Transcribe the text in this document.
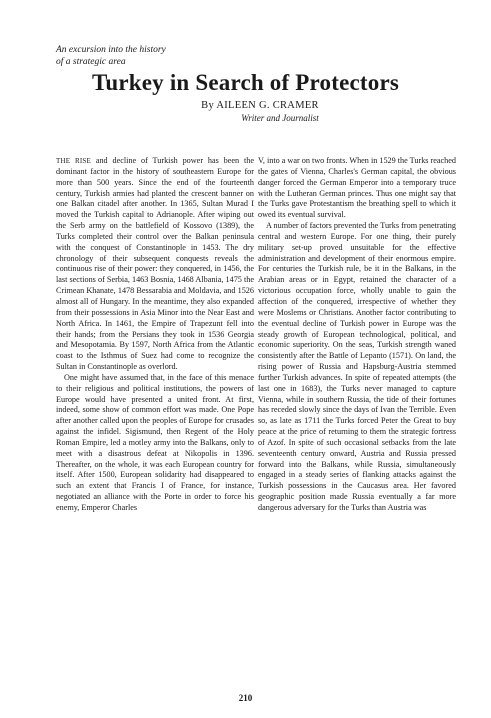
An excursion into the history
of a strategic area
Turkey in Search of Protectors
By AILEEN G. CRAMER
Writer and Journalist

THE RISE and decline of Turkish power has been the dominant factor in the history of southeastern Europe for more than 500 years. Since the end of the fourteenth century, Turkish armies had planted the crescent banner on one Balkan citadel after another. In 1365, Sultan Murad I moved the Turkish capital to Adrianople. After wiping out the Serb army on the battlefield of Kossovo (1389), the Turks completed their control over the Balkan peninsula with the conquest of Constantinople in 1453. The dry chronology of their subsequent conquests reveals the continuous rise of their power: they conquered, in 1456, the last sections of Serbia, 1463 Bosnia, 1468 Albania, 1475 the Crimean Khanate, 1478 Bessarabia and Moldavia, and 1526 almost all of Hungary. In the meantime, they also expanded from their possessions in Asia Minor into the Near East and North Africa. In 1461, the Empire of Trapezunt fell into their hands; from the Persians they took in 1536 Georgia and Mesopotamia. By 1597, North Africa from the Atlantic coast to the Isthmus of Suez had come to recognize the Sultan in Constantinople as overlord.

One might have assumed that, in the face of this menace to their religious and political institutions, the powers of Europe would have presented a united front. At first, indeed, some show of common effort was made. One Pope after another called upon the peoples of Europe for crusades against the infidel. Sigismund, then Regent of the Holy Roman Empire, led a motley army into the Balkans, only to meet with a disastrous defeat at Nikopolis in 1396. Thereafter, on the whole, it was each European country for itself. After 1500, European solidarity had disappeared to such an extent that Francis I of France, for instance, negotiated an alliance with the Porte in order to force his enemy, Emperor Charles

V, into a war on two fronts. When in 1529 the Turks reached the gates of Vienna, Charles's German capital, the obvious danger forced the German Emperor into a temporary truce with the Lutheran German princes. Thus one might say that the Turks gave Protestantism the breathing spell to which it owed its eventual survival.

A number of factors prevented the Turks from penetrating central and western Europe. For one thing, their purely military set-up proved unsuitable for the effective administration and development of their enormous empire. For centuries the Turkish rule, be it in the Balkans, in the Arabian areas or in Egypt, retained the character of a victorious occupation force, wholly unable to gain the affection of the conquered, irrespective of whether they were Moslems or Christians. Another factor contributing to the eventual decline of Turkish power in Europe was the steady growth of European technological, political, and economic superiority. On the seas, Turkish strength waned consistently after the Battle of Lepanto (1571). On land, the rising power of Russia and Hapsburg-Austria stemmed further Turkish advances. In spite of repeated attempts (the last one in 1683), the Turks never managed to capture Vienna, while in southern Russia, the tide of their fortunes has receded slowly since the days of Ivan the Terrible. Even so, as late as 1711 the Turks forced Peter the Great to buy peace at the price of returning to them the strategic fortress of Azof. In spite of such occasional setbacks from the late seventeenth century onward, Austria and Russia pressed forward into the Balkans, while Russia, simultaneously engaged in a steady series of flanking attacks against the Turkish possessions in the Caucasus area. Her favored geographic position made Russia eventually a far more dangerous adversary for the Turks than Austria was

210
